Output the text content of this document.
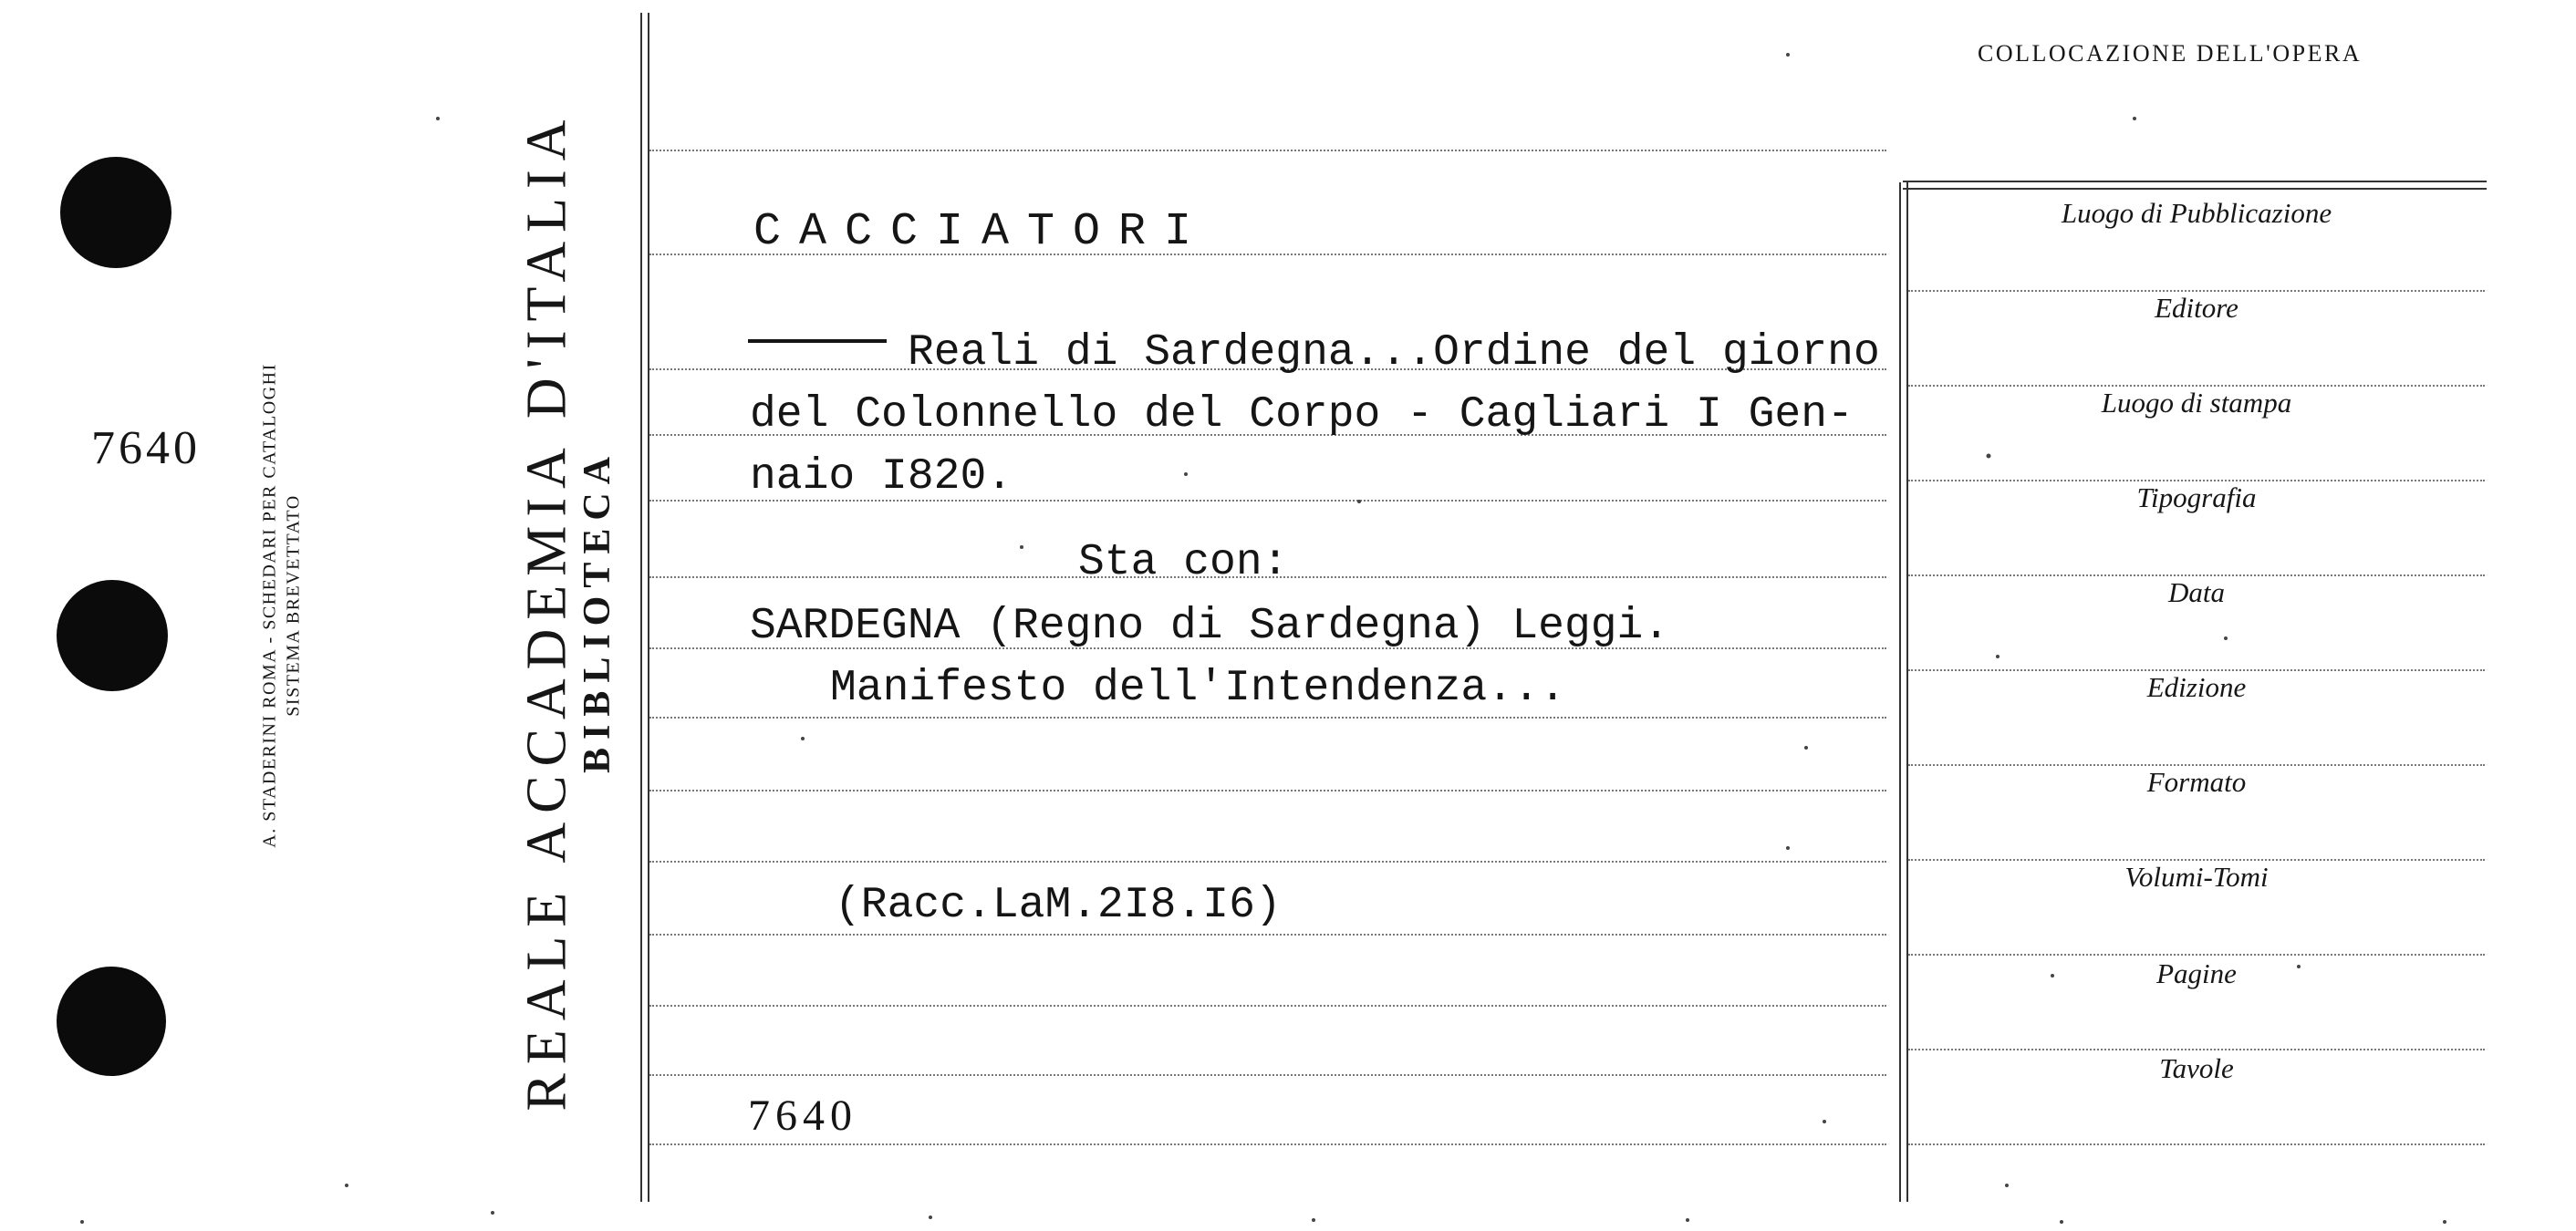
7640	A. STADERINI ROMA - SCHEDARI PER CATALOGHI SISTEMA BREVETTATO	REALE ACCADEMIA D'ITALIA
BIBLIOTECA
CACCIATORI
Reali di Sardegna...Ordine del giorno
del Colonnello del Corpo - Cagliari I Gen-
naio I820.
Sta con:
SARDEGNA (Regno di Sardegna) Leggi.
Manifesto dell'Intendenza...
(Racc.LaM.2I8.I6)
7640
COLLOCAZIONE DELL'OPERA
Luogo di Pubblicazione
Editore
Luogo di stampa
Tipografia
Data
Edizione
Formato
Volumi-Tomi
Pagine
Tavole
